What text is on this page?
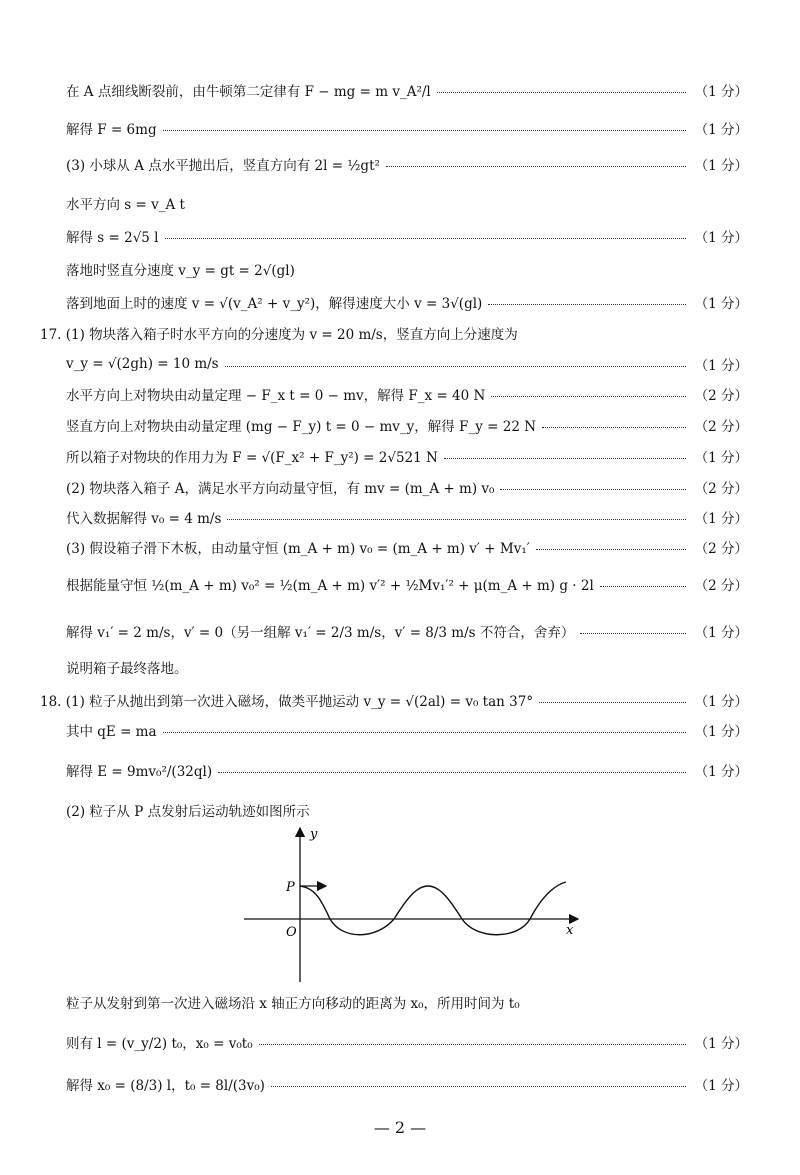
在 A 点细线断裂前，由牛顿第二定律有 F − mg = m v_A²/l	（1 分）
解得 F = 6mg	（1 分）
(3) 小球从 A 点水平抛出后，竖直方向有 2l = ½gt²	（1 分）
水平方向 s = v_A t
解得 s = 2√5 l	（1 分）
落地时竖直分速度 v_y = gt = 2√(gl)
落到地面上时的速度 v = √(v_A² + v_y²)，解得速度大小 v = 3√(gl)	（1 分）
17. (1) 物块落入箱子时水平方向的分速度为 v = 20 m/s，竖直方向上分速度为
v_y = √(2gh) = 10 m/s	（1 分）
水平方向上对物块由动量定理 − F_x t = 0 − mv，解得 F_x = 40 N	（2 分）
竖直方向上对物块由动量定理 (mg − F_y) t = 0 − mv_y，解得 F_y = 22 N	（2 分）
所以箱子对物块的作用力为 F = √(F_x² + F_y²) = 2√521 N	（1 分）
(2) 物块落入箱子 A，满足水平方向动量守恒，有 mv = (m_A + m) v₀	（2 分）
代入数据解得 v₀ = 4 m/s	（1 分）
(3) 假设箱子滑下木板，由动量守恒 (m_A + m) v₀ = (m_A + m) v′ + Mv₁′	（2 分）
根据能量守恒 ½(m_A + m) v₀² = ½(m_A + m) v′² + ½Mv₁′² + μ(m_A + m) g · 2l	（2 分）
解得 v₁′ = 2 m/s，v′ = 0（另一组解 v₁′ = 2/3 m/s，v′ = 8/3 m/s 不符合，舍弃）	（1 分）
说明箱子最终落地。
18. (1) 粒子从抛出到第一次进入磁场，做类平抛运动 v_y = √(2al) = v₀ tan 37°	（1 分）
其中 qE = ma	（1 分）
解得 E = 9mv₀²/(32ql)	（1 分）
(2) 粒子从 P 点发射后运动轨迹如图所示
y
x
O
P
粒子从发射到第一次进入磁场沿 x 轴正方向移动的距离为 x₀，所用时间为 t₀
则有 l = (v_y/2) t₀，x₀ = v₀t₀	（1 分）
解得 x₀ = (8/3) l，t₀ = 8l/(3v₀)	（1 分）
— 2 —
